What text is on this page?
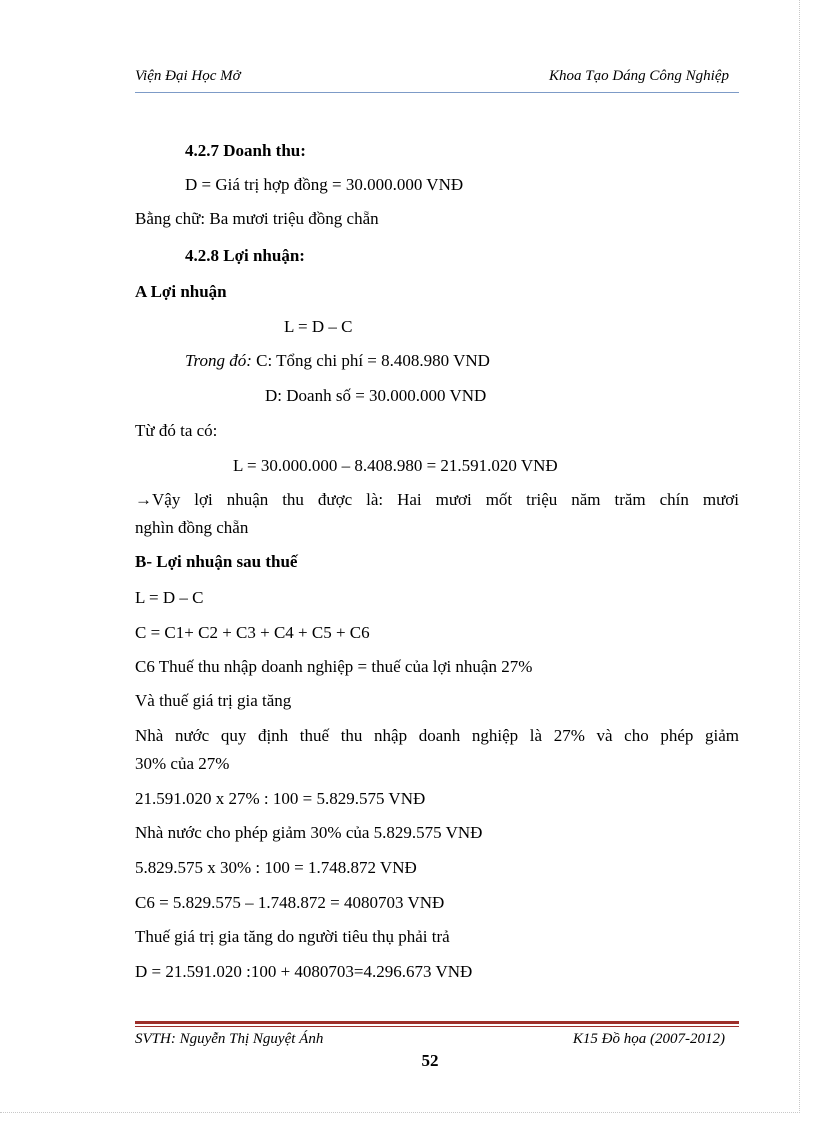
Viện Đại Học Mở	Khoa Tạo Dáng Công Nghiệp
4.2.7 Doanh thu:
D = Giá trị hợp đồng = 30.000.000 VNĐ
Bằng chữ: Ba mươi triệu đồng chẵn
4.2.8 Lợi nhuận:
A Lợi nhuận
L = D – C
Trong đó: C: Tổng chi phí = 8.408.980 VND
D: Doanh số = 30.000.000 VND
Từ đó ta có:
L = 30.000.000 – 8.408.980 = 21.591.020 VNĐ
→Vậy lợi nhuận thu được là: Hai mươi mốt triệu năm trăm chín mươi
nghìn đồng chẵn
B- Lợi nhuận sau thuế
L = D – C
C = C1+ C2 + C3 + C4 + C5 + C6
C6 Thuế thu nhập doanh nghiệp = thuế của lợi nhuận 27%
Và thuế giá trị gia tăng
Nhà nước quy định thuế thu nhập doanh nghiệp là 27% và cho phép giảm
30% của 27%
21.591.020 x 27% : 100 = 5.829.575 VNĐ
Nhà nước cho phép giảm 30% của 5.829.575 VNĐ
5.829.575 x 30% : 100 = 1.748.872 VNĐ
C6 = 5.829.575 – 1.748.872 = 4080703 VNĐ
Thuế giá trị gia tăng do người tiêu thụ phải trả
D = 21.591.020 :100 + 4080703=4.296.673 VNĐ
SVTH: Nguyễn Thị Nguyệt Ánh	K15 Đồ họa (2007-2012)
52
